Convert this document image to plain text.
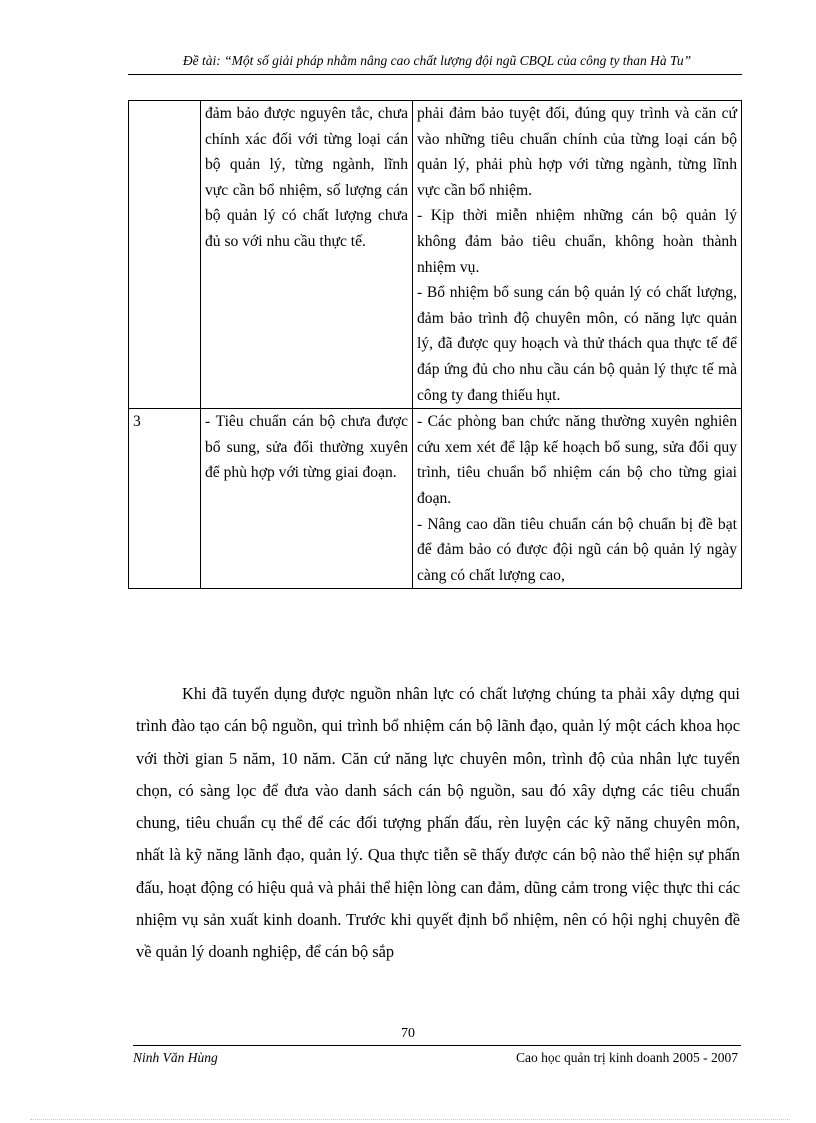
Đề tài: “Một số giải pháp nhằm nâng cao chất lượng đội ngũ CBQL của công ty than Hà Tu”
	đảm bảo được nguyên tắc, chưa chính xác đối với từng loại cán bộ quản lý, từng ngành, lĩnh vực cần bổ nhiệm, số lượng cán bộ quản lý có chất lượng chưa đủ so với nhu cầu thực tế.	phải đảm bảo tuyệt đối, đúng quy trình và căn cứ vào những tiêu chuẩn chính của từng loại cán bộ quản lý, phải phù hợp với từng ngành, từng lĩnh vực cần bổ nhiệm.

- Kịp thời miễn nhiệm những cán bộ quản lý không đảm bảo tiêu chuẩn, không hoàn thành nhiệm vụ.

- Bổ nhiệm bổ sung cán bộ quản lý có chất lượng, đảm bảo trình độ chuyên môn, có năng lực quản lý, đã được quy hoạch và thử thách qua thực tế để đáp ứng đủ cho nhu cầu cán bộ quản lý thực tế mà công ty đang thiếu hụt.

3	- Tiêu chuẩn cán bộ chưa được bổ sung, sửa đổi thường xuyên để phù hợp với từng giai đoạn.	- Các phòng ban chức năng thường xuyên nghiên cứu xem xét để lập kế hoạch bổ sung, sửa đổi quy trình, tiêu chuẩn bổ nhiệm cán bộ cho từng giai đoạn.

- Nâng cao dần tiêu chuẩn cán bộ chuẩn bị đề bạt để đảm bảo có được đội ngũ cán bộ quản lý ngày càng có chất lượng cao,

Khi đã tuyển dụng được nguồn nhân lực có chất lượng chúng ta phải xây dựng qui trình đào tạo cán bộ nguồn, qui trình bổ nhiệm cán bộ lãnh đạo, quản lý một cách khoa học với thời gian 5 năm, 10 năm. Căn cứ năng lực chuyên môn, trình độ của nhân lực tuyển chọn, có sàng lọc để đưa vào danh sách cán bộ nguồn, sau đó xây dựng các tiêu chuẩn chung, tiêu chuẩn cụ thể để các đối tượng phấn đấu, rèn luyện các kỹ năng chuyên môn, nhất là kỹ năng lãnh đạo, quản lý. Qua thực tiễn sẽ thấy được cán bộ nào thể hiện sự phấn đấu, hoạt động có hiệu quả và phải thể hiện lòng can đảm, dũng cảm trong việc thực thi các nhiệm vụ sản xuất kinh doanh. Trước khi quyết định bổ nhiệm, nên có hội nghị chuyên đề về quản lý doanh nghiệp, để cán bộ sắp

70
Ninh Văn Hùng	Cao học quản trị kinh doanh 2005 - 2007
